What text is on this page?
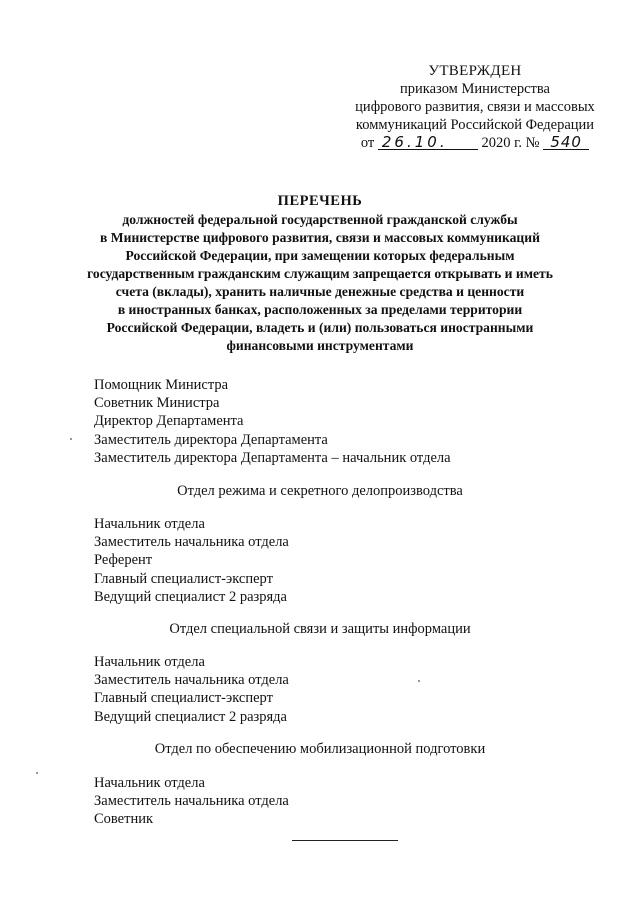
УТВЕРЖДЕН
приказом Министерства
цифрового развития, связи и массовых
коммуникаций Российской Федерации
от 26.10. 2020 г. № 540
ПЕРЕЧЕНЬ
должностей федеральной государственной гражданской службы
в Министерстве цифрового развития, связи и массовых коммуникаций
Российской Федерации, при замещении которых федеральным
государственным гражданским служащим запрещается открывать и иметь
счета (вклады), хранить наличные денежные средства и ценности
в иностранных банках, расположенных за пределами территории
Российской Федерации, владеть и (или) пользоваться иностранными
финансовыми инструментами
Помощник Министра
Советник Министра
Директор Департамента
Заместитель директора Департамента
Заместитель директора Департамента – начальник отдела
Отдел режима и секретного делопроизводства
Начальник отдела
Заместитель начальника отдела
Референт
Главный специалист-эксперт
Ведущий специалист 2 разряда
Отдел специальной связи и защиты информации
Начальник отдела
Заместитель начальника отдела
Главный специалист-эксперт
Ведущий специалист 2 разряда
Отдел по обеспечению мобилизационной подготовки
Начальник отдела
Заместитель начальника отдела
Советник
